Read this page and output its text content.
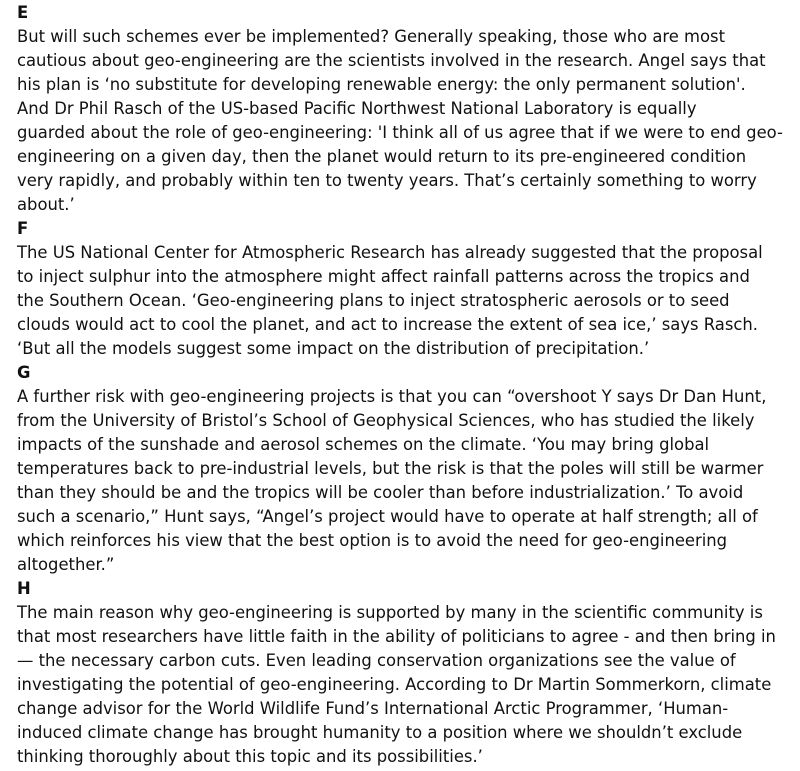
E

But will such schemes ever be implemented? Generally speaking, those who are most
cautious about geo-engineering are the scientists involved in the research. Angel says that
his plan is ‘no substitute for developing renewable energy: the only permanent solution'.
And Dr Phil Rasch of the US-based Pacific Northwest National Laboratory is equally
guarded about the role of geo-engineering: 'I think all of us agree that if we were to end geo-
engineering on a given day, then the planet would return to its pre-engineered condition
very rapidly, and probably within ten to twenty years. That’s certainly something to worry
about.’

F

The US National Center for Atmospheric Research has already suggested that the proposal
to inject sulphur into the atmosphere might affect rainfall patterns across the tropics and
the Southern Ocean. ‘Geo-engineering plans to inject stratospheric aerosols or to seed
clouds would act to cool the planet, and act to increase the extent of sea ice,’ says Rasch.
‘But all the models suggest some impact on the distribution of precipitation.’

G

A further risk with geo-engineering projects is that you can “overshoot Y says Dr Dan Hunt,
from the University of Bristol’s School of Geophysical Sciences, who has studied the likely
impacts of the sunshade and aerosol schemes on the climate. ‘You may bring global
temperatures back to pre-industrial levels, but the risk is that the poles will still be warmer
than they should be and the tropics will be cooler than before industrialization.’ To avoid
such a scenario,” Hunt says, “Angel’s project would have to operate at half strength; all of
which reinforces his view that the best option is to avoid the need for geo-engineering
altogether.”

H

The main reason why geo-engineering is supported by many in the scientific community is
that most researchers have little faith in the ability of politicians to agree - and then bring in
— the necessary carbon cuts. Even leading conservation organizations see the value of
investigating the potential of geo-engineering. According to Dr Martin Sommerkorn, climate
change advisor for the World Wildlife Fund’s International Arctic Programmer, ‘Human-
induced climate change has brought humanity to a position where we shouldn’t exclude
thinking thoroughly about this topic and its possibilities.’
